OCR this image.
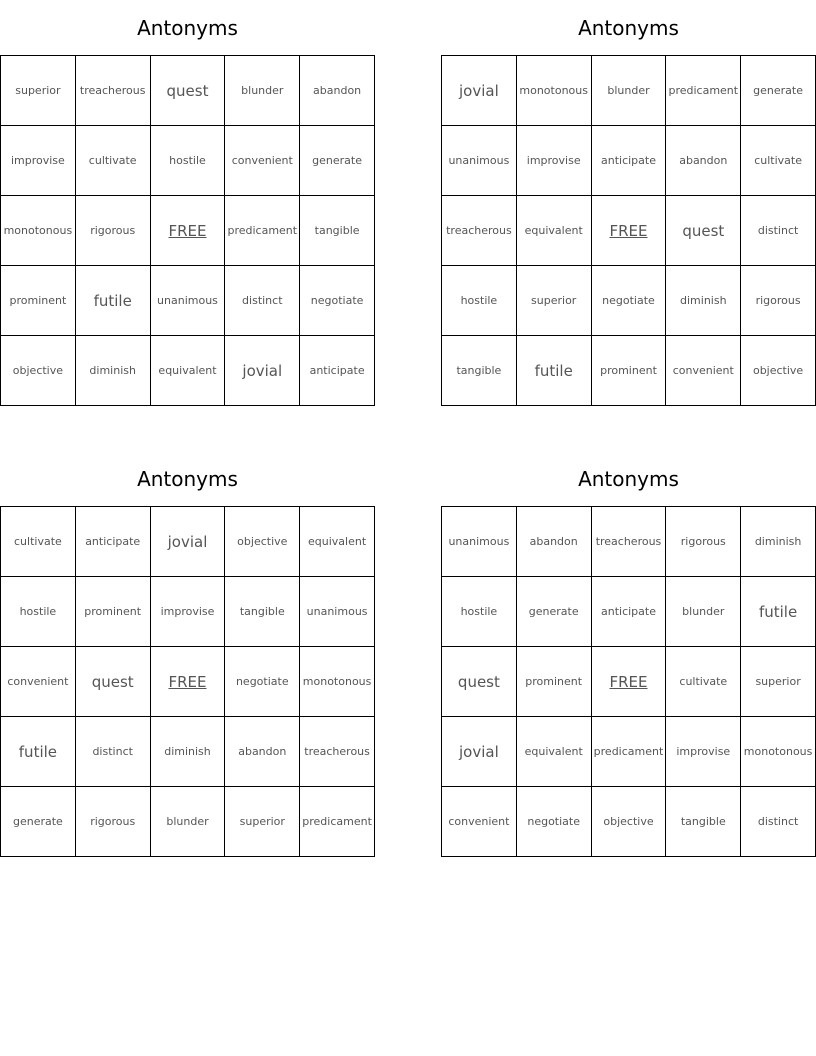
Antonyms
superior	treacherous	quest	blunder	abandon
improvise	cultivate	hostile	convenient	generate
monotonous	rigorous	FREE	predicament	tangible
prominent	futile	unanimous	distinct	negotiate
objective	diminish	equivalent	jovial	anticipate
Antonyms
jovial	monotonous	blunder	predicament	generate
unanimous	improvise	anticipate	abandon	cultivate
treacherous	equivalent	FREE	quest	distinct
hostile	superior	negotiate	diminish	rigorous
tangible	futile	prominent	convenient	objective
Antonyms
cultivate	anticipate	jovial	objective	equivalent
hostile	prominent	improvise	tangible	unanimous
convenient	quest	FREE	negotiate	monotonous
futile	distinct	diminish	abandon	treacherous
generate	rigorous	blunder	superior	predicament
Antonyms
unanimous	abandon	treacherous	rigorous	diminish
hostile	generate	anticipate	blunder	futile
quest	prominent	FREE	cultivate	superior
jovial	equivalent	predicament	improvise	monotonous
convenient	negotiate	objective	tangible	distinct
